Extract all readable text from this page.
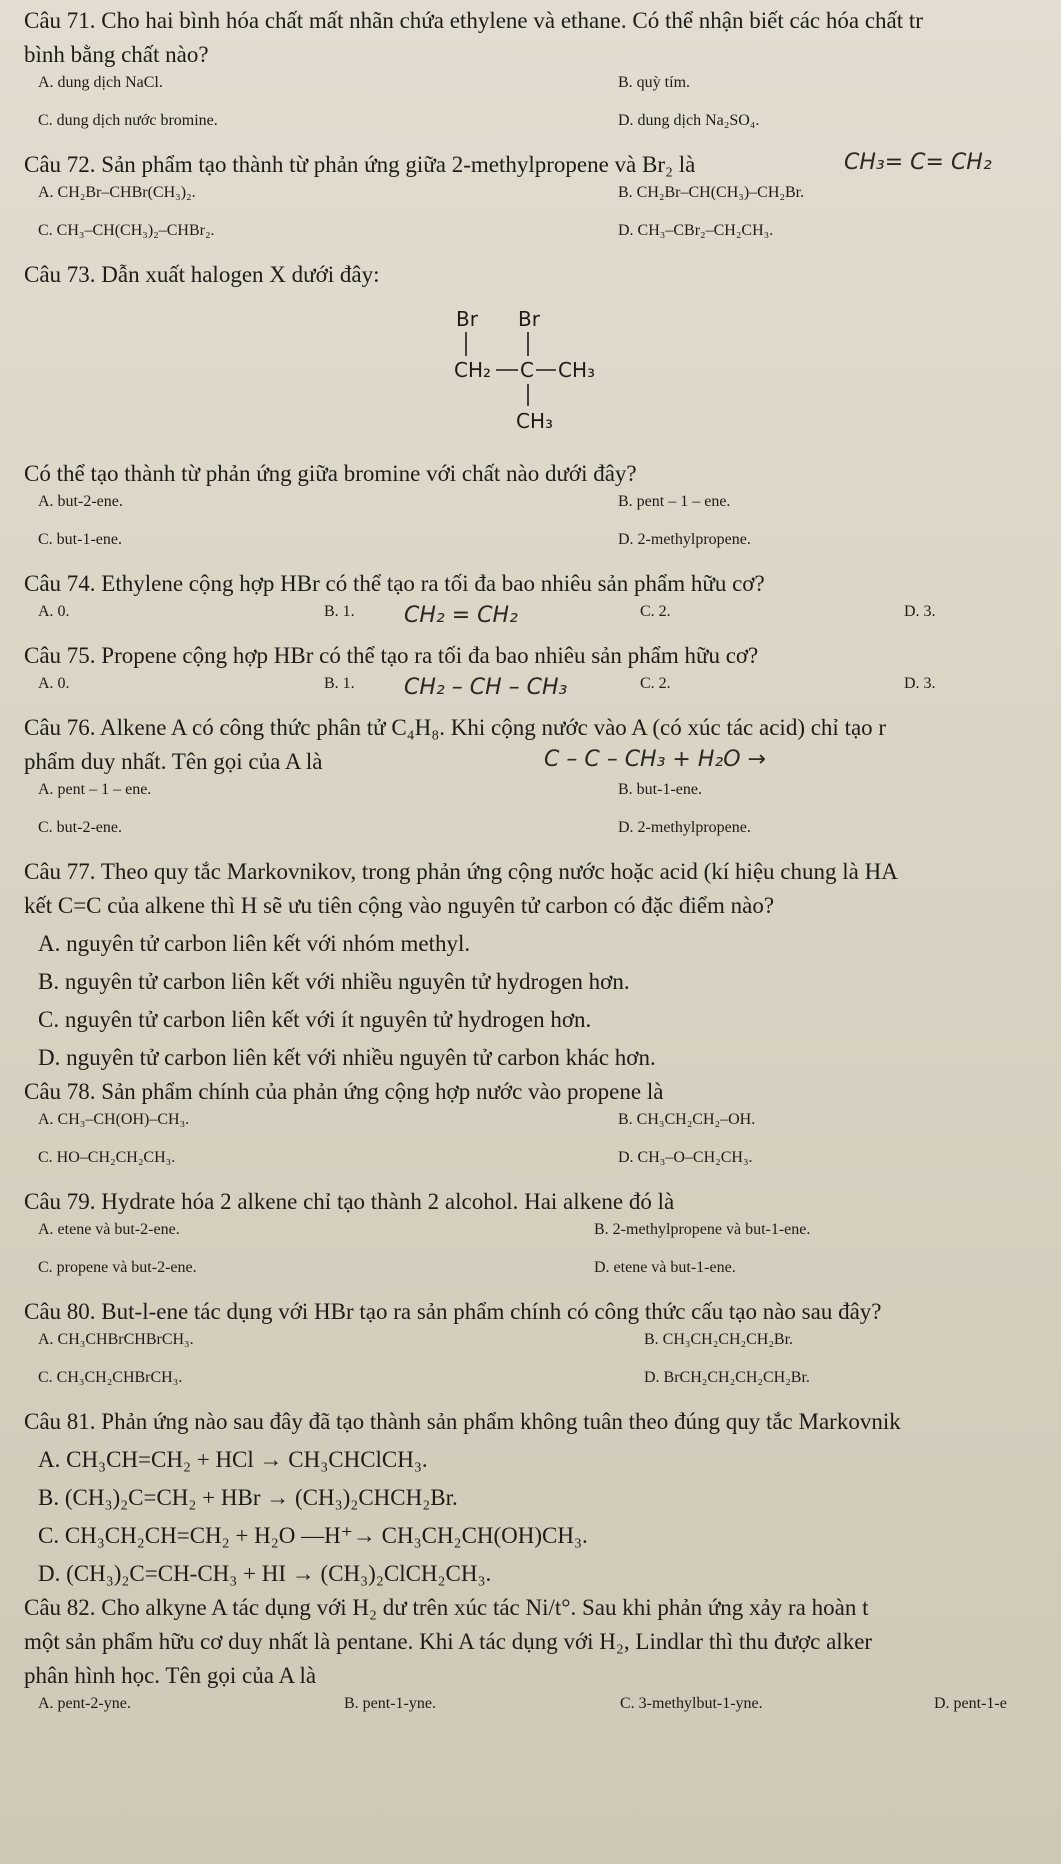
Câu 71. Cho hai bình hóa chất mất nhãn chứa ethylene và ethane. Có thể nhận biết các hóa chất tr
bình bằng chất nào?
A. dung dịch NaCl.	B. quỳ tím.
C. dung dịch nước bromine.	D. dung dịch Na₂SO₄.
Câu 72. Sản phẩm tạo thành từ phản ứng giữa 2-methylpropene và Br₂ là	CH₃= C= CH₂
A. CH₂Br–CHBr(CH₃)₂.	B. CH₂Br–CH(CH₃)–CH₂Br.
C. CH₃–CH(CH₃)₂–CHBr₂.	D. CH₃–CBr₂–CH₂CH₃.
Câu 73. Dẫn xuất halogen X dưới đây:
Br Br
CH₂ C CH₃
CH₃
Có thể tạo thành từ phản ứng giữa bromine với chất nào dưới đây?
A. but-2-ene.	B. pent – 1 – ene.
C. but-1-ene.	D. 2-methylpropene.
Câu 74. Ethylene cộng hợp HBr có thể tạo ra tối đa bao nhiêu sản phẩm hữu cơ?
A. 0.	B. 1. CH₂ = CH₂	C. 2.	D. 3.
Câu 75. Propene cộng hợp HBr có thể tạo ra tối đa bao nhiêu sản phẩm hữu cơ?
A. 0.	B. 1. CH₂ – CH – CH₃	C. 2.	D. 3.
Câu 76. Alkene A có công thức phân tử C₄H₈. Khi cộng nước vào A (có xúc tác acid) chỉ tạo r
phẩm duy nhất. Tên gọi của A là	C – C – CH₃ + H₂O →
A. pent – 1 – ene.	B. but-1-ene.
C. but-2-ene.	D. 2-methylpropene.
Câu 77. Theo quy tắc Markovnikov, trong phản ứng cộng nước hoặc acid (kí hiệu chung là HA
kết C=C của alkene thì H sẽ ưu tiên cộng vào nguyên tử carbon có đặc điểm nào?
A. nguyên tử carbon liên kết với nhóm methyl.
B. nguyên tử carbon liên kết với nhiều nguyên tử hydrogen hơn.
C. nguyên tử carbon liên kết với ít nguyên tử hydrogen hơn.
D. nguyên tử carbon liên kết với nhiều nguyên tử carbon khác hơn.
Câu 78. Sản phẩm chính của phản ứng cộng hợp nước vào propene là
A. CH₃–CH(OH)–CH₃.	B. CH₃CH₂CH₂–OH.
C. HO–CH₂CH₂CH₃.	D. CH₃–O–CH₂CH₃.
Câu 79. Hydrate hóa 2 alkene chỉ tạo thành 2 alcohol. Hai alkene đó là
A. etene và but-2-ene.	B. 2-methylpropene và but-1-ene.
C. propene và but-2-ene.	D. etene và but-1-ene.
Câu 80. But-l-ene tác dụng với HBr tạo ra sản phẩm chính có công thức cấu tạo nào sau đây?
A. CH₃CHBrCHBrCH₃.	B. CH₃CH₂CH₂CH₂Br.
C. CH₃CH₂CHBrCH₃.	D. BrCH₂CH₂CH₂CH₂Br.
Câu 81. Phản ứng nào sau đây đã tạo thành sản phẩm không tuân theo đúng quy tắc Markovnik
A. CH₃CH=CH₂ + HCl → CH₃CHClCH₃.
B. (CH₃)₂C=CH₂ + HBr → (CH₃)₂CHCH₂Br.
C. CH₃CH₂CH=CH₂ + H₂O —H⁺→ CH₃CH₂CH(OH)CH₃.
D. (CH₃)₂C=CH-CH₃ + HI → (CH₃)₂ClCH₂CH₃.
Câu 82. Cho alkyne A tác dụng với H₂ dư trên xúc tác Ni/t°. Sau khi phản ứng xảy ra hoàn t
một sản phẩm hữu cơ duy nhất là pentane. Khi A tác dụng với H₂, Lindlar thì thu được alker
phân hình học. Tên gọi của A là
A. pent-2-yne.	B. pent-1-yne.	C. 3-methylbut-1-yne.	D. pent-1-e
